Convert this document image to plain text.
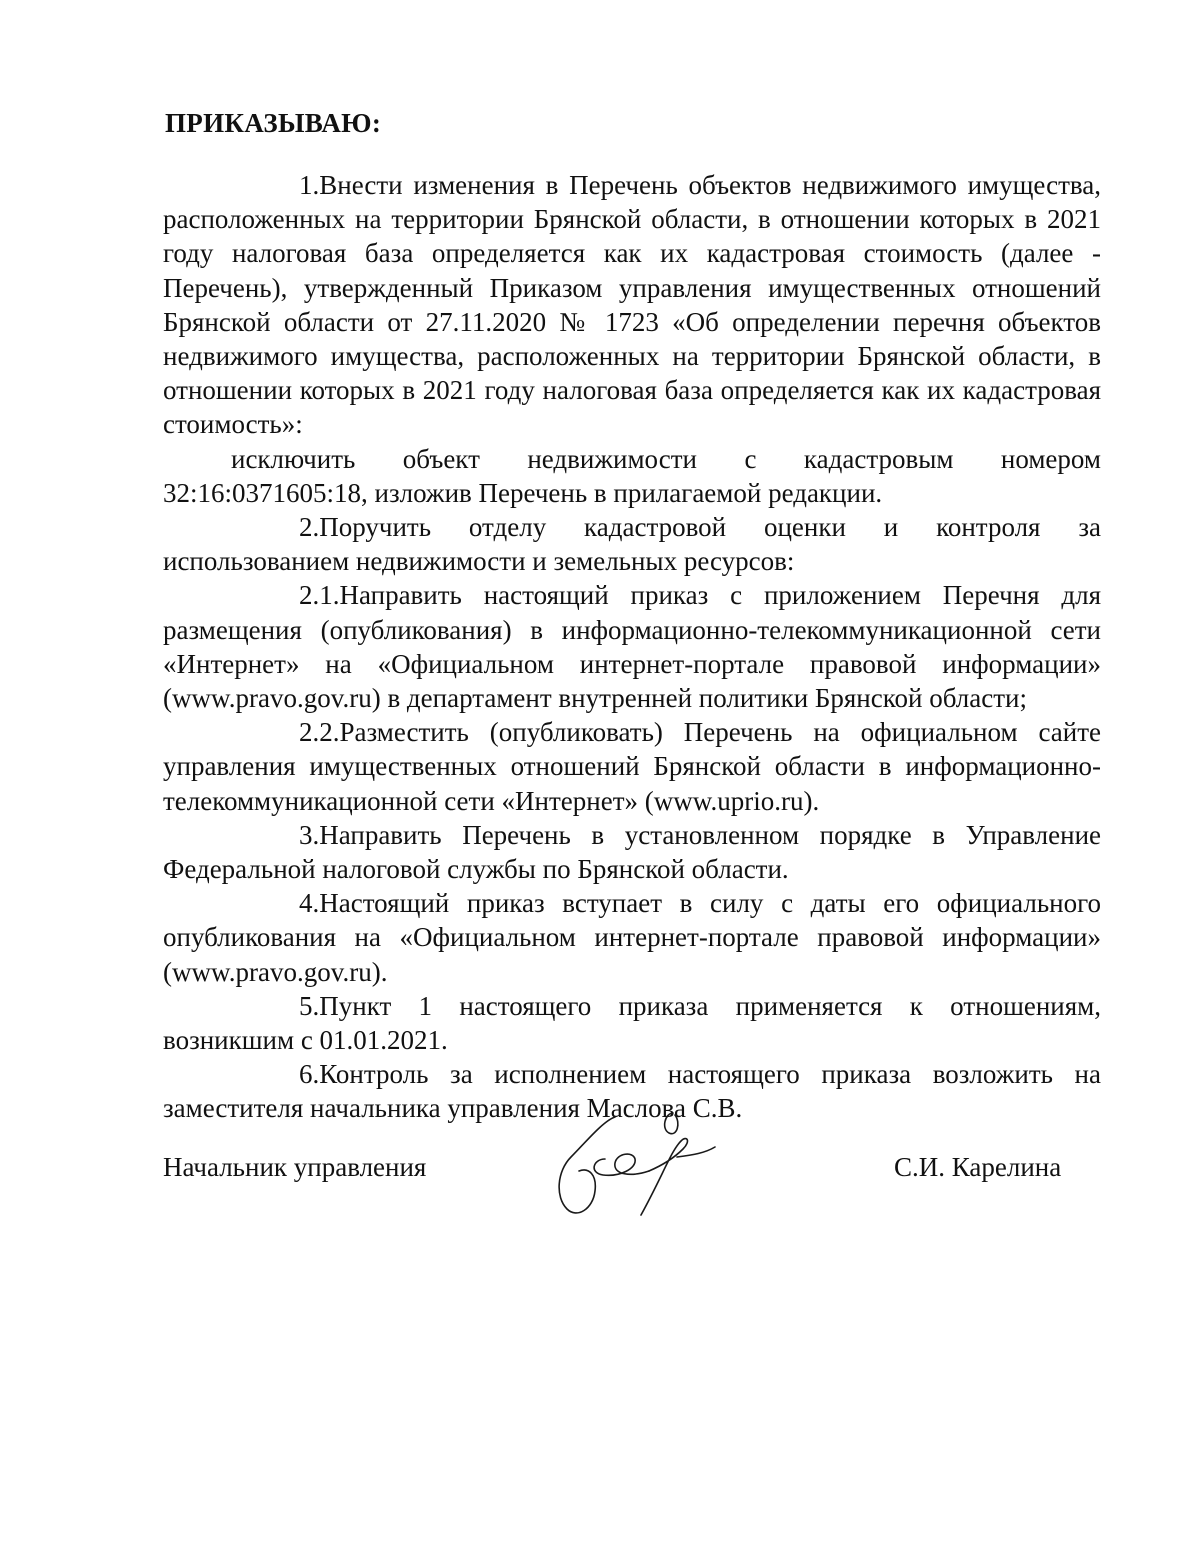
ПРИКАЗЫВАЮ:

1.Внести изменения в Перечень объектов недвижимого имущества, расположенных на территории Брянской области, в отношении которых в 2021 году налоговая база определяется как их кадастровая стоимость (далее - Перечень), утвержденный Приказом управления имущественных отношений Брянской области от 27.11.2020 № 1723 «Об определении перечня объектов недвижимого имущества, расположенных на территории Брянской области, в отношении которых в 2021 году налоговая база определяется как их кадастровая стоимость»:

исключить объект недвижимости с кадастровым номером 32:16:0371605:18, изложив Перечень в прилагаемой редакции.

2.Поручить отделу кадастровой оценки и контроля за использованием недвижимости и земельных ресурсов:

2.1.Направить настоящий приказ с приложением Перечня для размещения (опубликования) в информационно-телекоммуникационной сети «Интернет» на «Официальном интернет-портале правовой информации» (www.pravo.gov.ru) в департамент внутренней политики Брянской области;

2.2.Разместить (опубликовать) Перечень на официальном сайте управления имущественных отношений Брянской области в информационно-телекоммуникационной сети «Интернет» (www.uprio.ru).

3.Направить Перечень в установленном порядке в Управление Федеральной налоговой службы по Брянской области.

4.Настоящий приказ вступает в силу с даты его официального опубликования на «Официальном интернет-портале правовой информации» (www.pravo.gov.ru).

5.Пункт 1 настоящего приказа применяется к отношениям, возникшим с 01.01.2021.

6.Контроль за исполнением настоящего приказа возложить на заместителя начальника управления Маслова С.В.

Начальник управления	С.И. Карелина
